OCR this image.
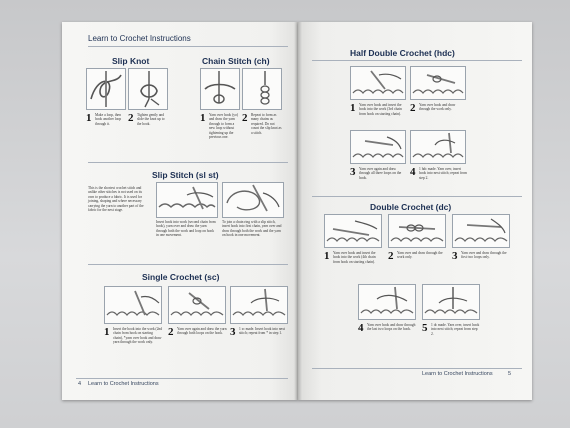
Learn to Crochet Instructions
Slip Knot
1 Make a loop, then hook another loop through it.	2 Tighten gently and slide the knot up to the hook.
Chain Stitch (ch)
1 Yarn over hook (yo) and draw the yarn through to form a new loop without tightening up the previous one.
2 Repeat to form as many chains as required. Do not count the slip knot as a stitch.
Slip Stitch (sl st)
This is the shortest crochet stitch and unlike other stitches is not used on its own to produce a fabric. It is used for joining, shaping and where necessary carrying the yarn to another part of the fabric for the next stage.
Insert hook into work (second chain from hook), yarn over and draw the yarn through both the work and loop on hook in one movement.
To join a chain ring with a slip stitch, insert hook into first chain, yarn over and draw through both the work and the yarn on hook in one movement.
Single Crochet (sc)
1 Insert the hook into the work (2nd chain from hook on starting chain), *yarn over hook and draw yarn through the work only.
2 Yarn over again and draw the yarn through both loops on the hook. 3 1 sc made. Insert hook into next stitch; repeat from * in step 1.
4 Learn to Crochet Instructions
Half Double Crochet (hdc)
1 Yarn over hook and insert the hook into the work (3rd chain from hook on starting chain). 2 Yarn over hook and draw through the work only.
3 Yarn over again and draw through all three loops on the hook.	4 1 hdc made. Yarn over, insert hook into next stitch; repeat from step 2.
Double Crochet (dc)
1 Yarn over hook and insert the hook into the work (4th chain from hook on starting chain).	2 Yarn over and draw through the work only.	3 Yarn over and draw through the first two loops only.
4 Yarn over hook and draw through the last two loops on the hook. 5 1 dc made. Yarn over, insert hook into next stitch; repeat from step 2.
Learn to Crochet Instructions	5
